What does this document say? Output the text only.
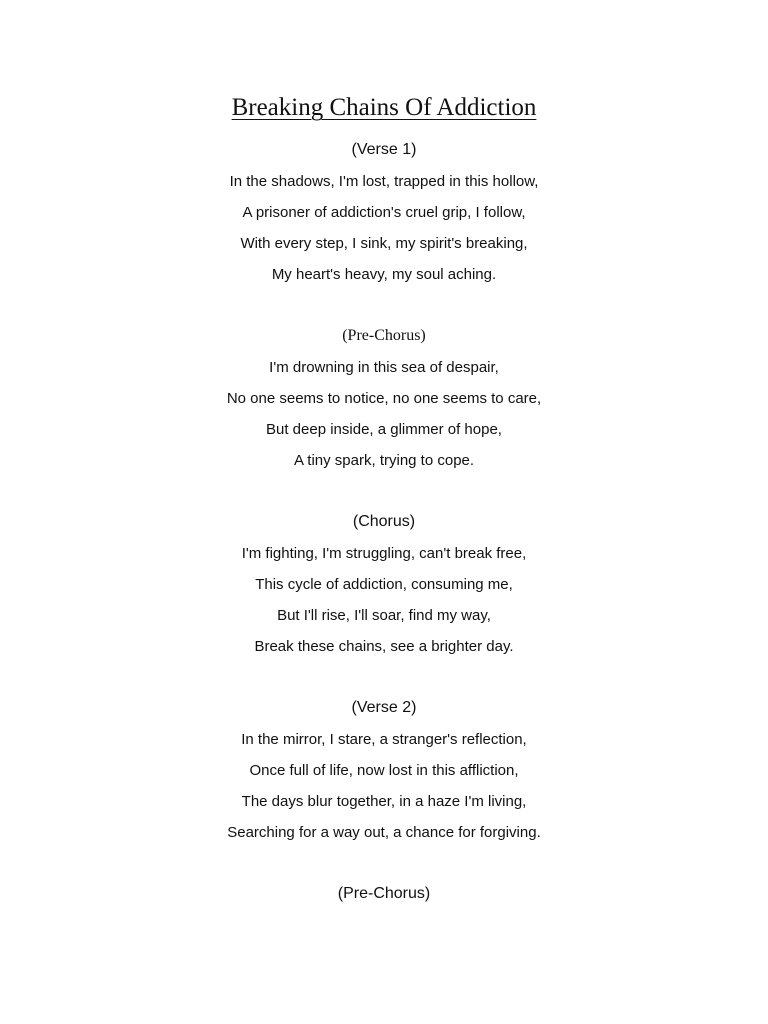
Breaking Chains Of Addiction

(Verse 1)

In the shadows, I'm lost, trapped in this hollow,

A prisoner of addiction's cruel grip, I follow,

With every step, I sink, my spirit's breaking,

My heart's heavy, my soul aching.

(Pre-Chorus)

I'm drowning in this sea of despair,

No one seems to notice, no one seems to care,

But deep inside, a glimmer of hope,

A tiny spark, trying to cope.

(Chorus)

I'm fighting, I'm struggling, can't break free,

This cycle of addiction, consuming me,

But I'll rise, I'll soar, find my way,

Break these chains, see a brighter day.

(Verse 2)

In the mirror, I stare, a stranger's reflection,

Once full of life, now lost in this affliction,

The days blur together, in a haze I'm living,

Searching for a way out, a chance for forgiving.

(Pre-Chorus)
